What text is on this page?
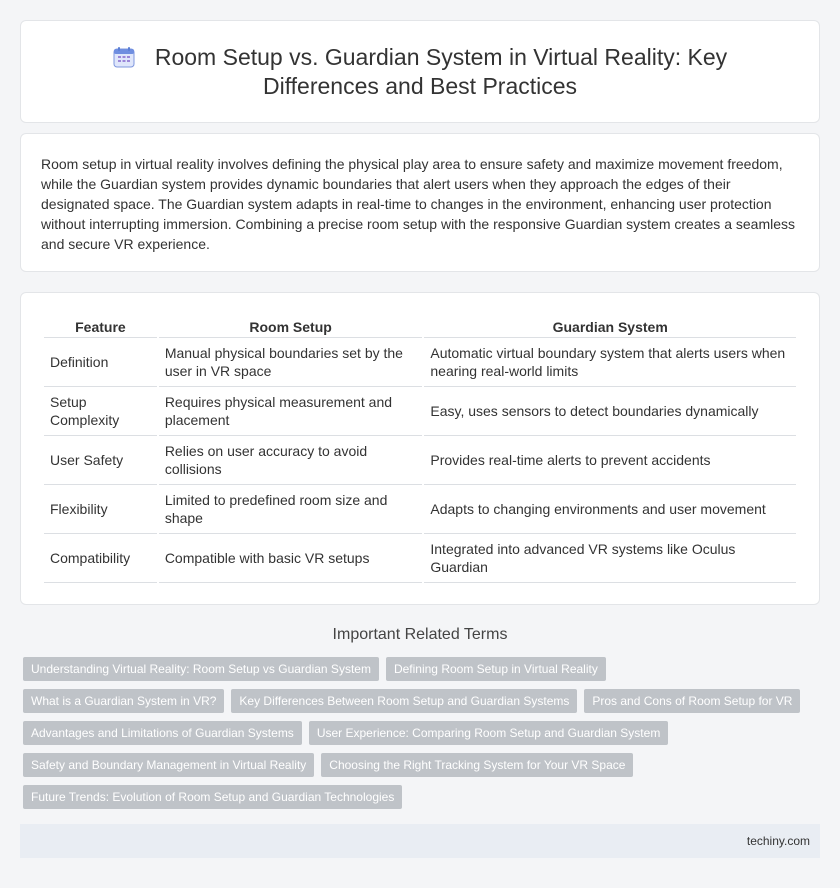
Room Setup vs. Guardian System in Virtual Reality: Key Differences and Best Practices

Room setup in virtual reality involves defining the physical play area to ensure safety and maximize movement freedom, while the Guardian system provides dynamic boundaries that alert users when they approach the edges of their designated space. The Guardian system adapts in real-time to changes in the environment, enhancing user protection without interrupting immersion. Combining a precise room setup with the responsive Guardian system creates a seamless and secure VR experience.

Feature	Room Setup	Guardian System
Definition	Manual physical boundaries set by the user in VR space	Automatic virtual boundary system that alerts users when nearing real-world limits
Setup Complexity	Requires physical measurement and placement	Easy, uses sensors to detect boundaries dynamically
User Safety	Relies on user accuracy to avoid collisions	Provides real-time alerts to prevent accidents
Flexibility	Limited to predefined room size and shape	Adapts to changing environments and user movement
Compatibility	Compatible with basic VR setups	Integrated into advanced VR systems like Oculus Guardian
Important Related Terms
Understanding Virtual Reality: Room Setup vs Guardian System	Defining Room Setup in Virtual Reality
What is a Guardian System in VR?	Key Differences Between Room Setup and Guardian Systems	Pros and Cons of Room Setup for VR
Advantages and Limitations of Guardian Systems	User Experience: Comparing Room Setup and Guardian System
Safety and Boundary Management in Virtual Reality	Choosing the Right Tracking System for Your VR Space
Future Trends: Evolution of Room Setup and Guardian Technologies
techiny.com
